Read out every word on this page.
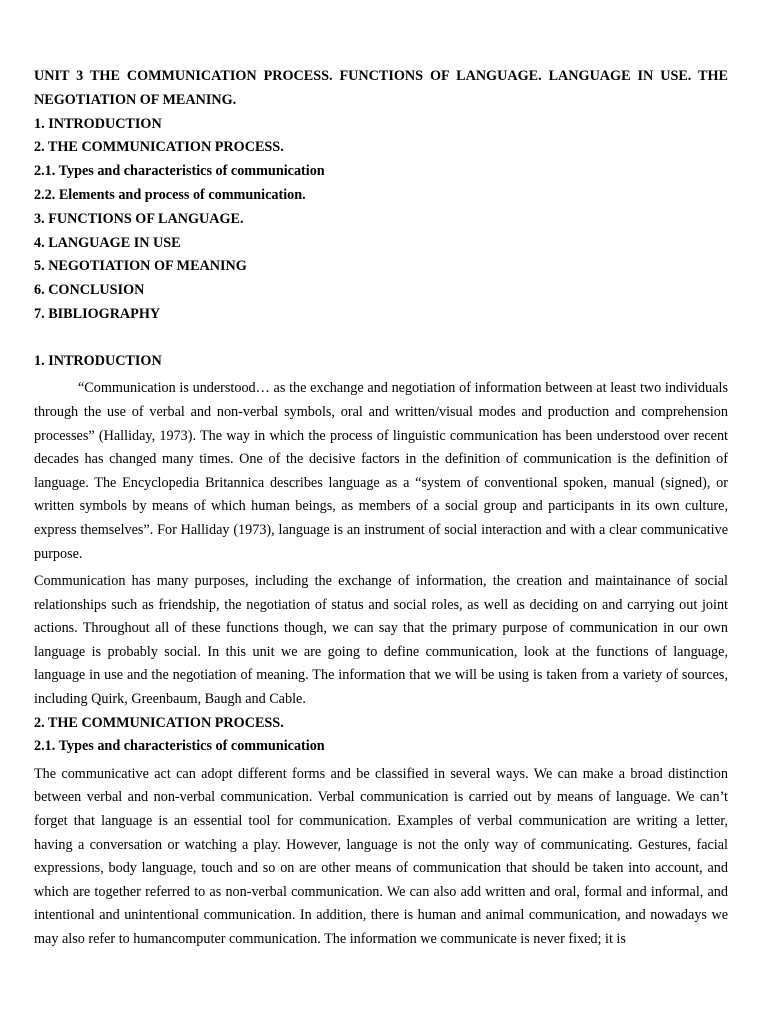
UNIT 3 THE COMMUNICATION PROCESS. FUNCTIONS OF LANGUAGE. LANGUAGE IN USE. THE NEGOTIATION OF MEANING.

1. INTRODUCTION
2. THE COMMUNICATION PROCESS.
2.1. Types and characteristics of communication
2.2. Elements and process of communication.
3. FUNCTIONS OF LANGUAGE.
4. LANGUAGE IN USE
5. NEGOTIATION OF MEANING
6. CONCLUSION
7. BIBLIOGRAPHY

1. INTRODUCTION

“Communication is understood… as the exchange and negotiation of information between at least two individuals through the use of verbal and non-verbal symbols, oral and written/visual modes and production and comprehension processes” (Halliday, 1973). The way in which the process of linguistic communication has been understood over recent decades has changed many times. One of the decisive factors in the definition of communication is the definition of language. The Encyclopedia Britannica describes language as a “system of conventional spoken, manual (signed), or written symbols by means of which human beings, as members of a social group and participants in its own culture, express themselves”. For Halliday (1973), language is an instrument of social interaction and with a clear communicative purpose.

Communication has many purposes, including the exchange of information, the creation and maintainance of social relationships such as friendship, the negotiation of status and social roles, as well as deciding on and carrying out joint actions. Throughout all of these functions though, we can say that the primary purpose of communication in our own language is probably social. In this unit we are going to define communication, look at the functions of language, language in use and the negotiation of meaning. The information that we will be using is taken from a variety of sources, including Quirk, Greenbaum, Baugh and Cable.

2. THE COMMUNICATION PROCESS.

2.1. Types and characteristics of communication

The communicative act can adopt different forms and be classified in several ways. We can make a broad distinction between verbal and non-verbal communication. Verbal communication is carried out by means of language. We can’t forget that language is an essential tool for communication. Examples of verbal communication are writing a letter, having a conversation or watching a play. However, language is not the only way of communicating. Gestures, facial expressions, body language, touch and so on are other means of communication that should be taken into account, and which are together referred to as non-verbal communication. We can also add written and oral, formal and informal, and intentional and unintentional communication. In addition, there is human and animal communication, and nowadays we may also refer to humancomputer communication. The information we communicate is never fixed; it is
